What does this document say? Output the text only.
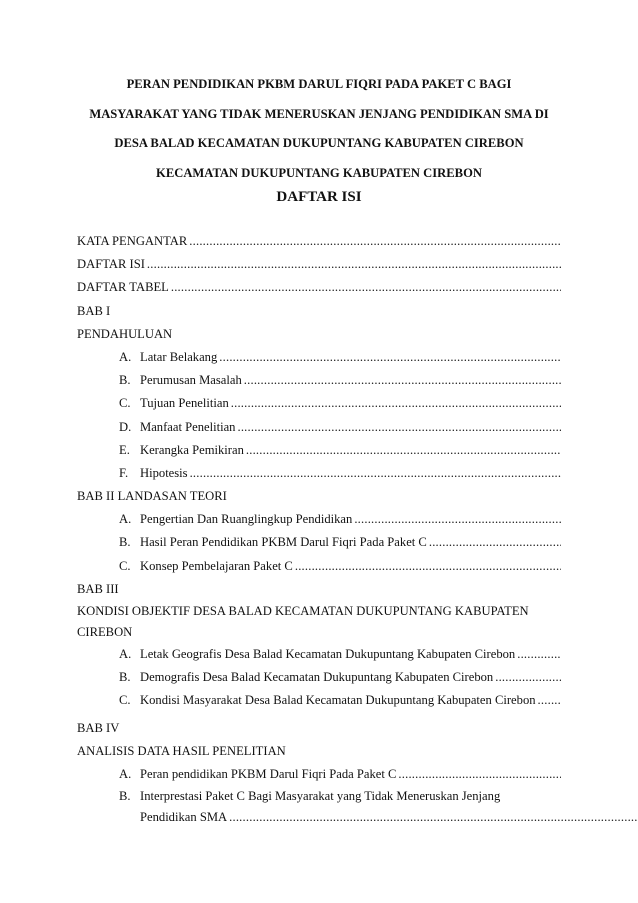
PERAN PENDIDIKAN PKBM DARUL FIQRI PADA PAKET C BAGI
MASYARAKAT YANG TIDAK MENERUSKAN JENJANG PENDIDIKAN SMA DI
DESA BALAD KECAMATAN DUKUPUNTANG KABUPATEN CIREBON
KECAMATAN DUKUPUNTANG KABUPATEN CIREBON
DAFTAR ISI
KATA PENGANTAR
.....
DAFTAR ISI
.....
DAFTAR TABEL
.....
BAB I
PENDAHULUAN
A. Latar Belakang
.....
B. Perumusan Masalah
.....
C. Tujuan Penelitian
.....
D. Manfaat Penelitian
.....
E. Kerangka Pemikiran
.....
F. Hipotesis
.....
BAB II LANDASAN TEORI
A. Pengertian Dan Ruanglingkup Pendidikan
.....
B. Hasil Peran Pendidikan PKBM Darul Fiqri Pada Paket C
.....
C. Konsep Pembelajaran Paket C
.....
BAB III
KONDISI OBJEKTIF DESA BALAD KECAMATAN DUKUPUNTANG KABUPATEN CIREBON
A. Letak Geografis Desa Balad Kecamatan Dukupuntang Kabupaten Cirebon
.....
B. Demografis Desa Balad Kecamatan Dukupuntang Kabupaten Cirebon
.....
C. Kondisi Masyarakat Desa Balad Kecamatan Dukupuntang Kabupaten Cirebon
.....
BAB IV
ANALISIS DATA HASIL PENELITIAN
A. Peran pendidikan PKBM Darul Fiqri Pada Paket C
.....
B. Interprestasi Paket C Bagi Masyarakat yang Tidak Meneruskan Jenjang
Pendidikan SMA
.....
